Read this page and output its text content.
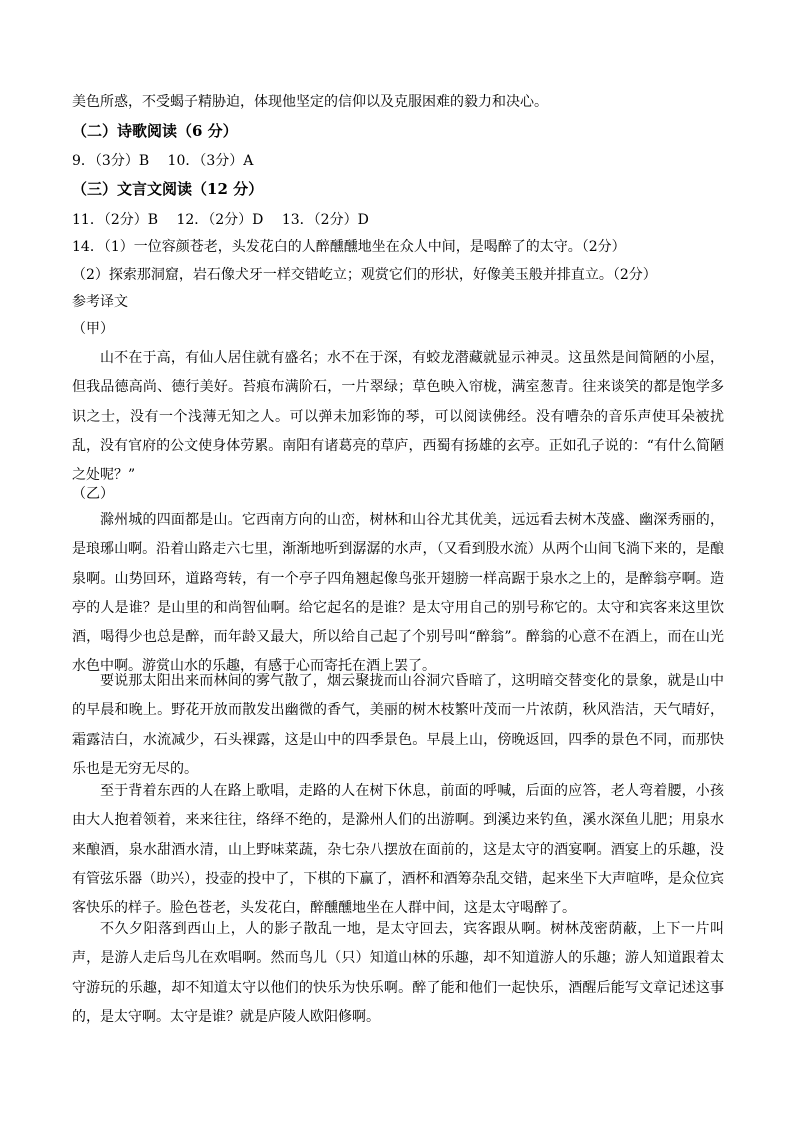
美色所惑，不受蝎子精胁迫，体现他坚定的信仰以及克服困难的毅力和决心。
（二）诗歌阅读（6 分）
9．（3分）B　 10．（3分）A
（三）文言文阅读（12 分）
11．（2分）B　 12．（2分）D　 13．（2分）D
14．（1）一位容颜苍老，头发花白的人醉醺醺地坐在众人中间，是喝醉了的太守。（2分）
（2）探索那洞窟，岩石像犬牙一样交错屹立；观赏它们的形状，好像美玉般并排直立。（2分）
参考译文
（甲）
山不在于高，有仙人居住就有盛名；水不在于深，有蛟龙潜藏就显示神灵。这虽然是间简陋的小屋，但我品德高尚、德行美好。苔痕布满阶石，一片翠绿；草色映入帘栊，满室葱青。往来谈笑的都是饱学多识之士，没有一个浅薄无知之人。可以弹未加彩饰的琴，可以阅读佛经。没有嘈杂的音乐声使耳朵被扰乱，没有官府的公文使身体劳累。南阳有诸葛亮的草庐，西蜀有扬雄的玄亭。正如孔子说的：“有什么简陋之处呢？”
（乙）
滁州城的四面都是山。它西南方向的山峦，树林和山谷尤其优美，远远看去树木茂盛、幽深秀丽的，是琅琊山啊。沿着山路走六七里，渐渐地听到潺潺的水声，（又看到股水流）从两个山间飞淌下来的，是酿泉啊。山势回环，道路弯转，有一个亭子四角翘起像鸟张开翅膀一样高踞于泉水之上的，是醉翁亭啊。造亭的人是谁？是山里的和尚智仙啊。给它起名的是谁？是太守用自己的别号称它的。太守和宾客来这里饮酒，喝得少也总是醉，而年龄又最大，所以给自己起了个别号叫“醉翁”。醉翁的心意不在酒上，而在山光水色中啊。游赏山水的乐趣，有感于心而寄托在酒上罢了。
要说那太阳出来而林间的雾气散了，烟云聚拢而山谷洞穴昏暗了，这明暗交替变化的景象，就是山中的早晨和晚上。野花开放而散发出幽微的香气，美丽的树木枝繁叶茂而一片浓荫，秋风浩洁，天气晴好，霜露洁白，水流减少，石头裸露，这是山中的四季景色。早晨上山，傍晚返回，四季的景色不同，而那快乐也是无穷无尽的。
至于背着东西的人在路上歌唱，走路的人在树下休息，前面的呼喊，后面的应答，老人弯着腰，小孩由大人抱着领着，来来往往，络绎不绝的，是滁州人们的出游啊。到溪边来钓鱼，溪水深鱼儿肥；用泉水来酿酒，泉水甜酒水清，山上野味菜蔬，杂七杂八摆放在面前的，这是太守的酒宴啊。酒宴上的乐趣，没有管弦乐器（助兴），投壶的投中了，下棋的下赢了，酒杯和酒筹杂乱交错，起来坐下大声喧哗，是众位宾客快乐的样子。脸色苍老，头发花白，醉醺醺地坐在人群中间，这是太守喝醉了。
不久夕阳落到西山上，人的影子散乱一地，是太守回去，宾客跟从啊。树林茂密荫蔽，上下一片叫声，是游人走后鸟儿在欢唱啊。然而鸟儿（只）知道山林的乐趣，却不知道游人的乐趣；游人知道跟着太守游玩的乐趣，却不知道太守以他们的快乐为快乐啊。醉了能和他们一起快乐，酒醒后能写文章记述这事的，是太守啊。太守是谁？就是庐陵人欧阳修啊。
